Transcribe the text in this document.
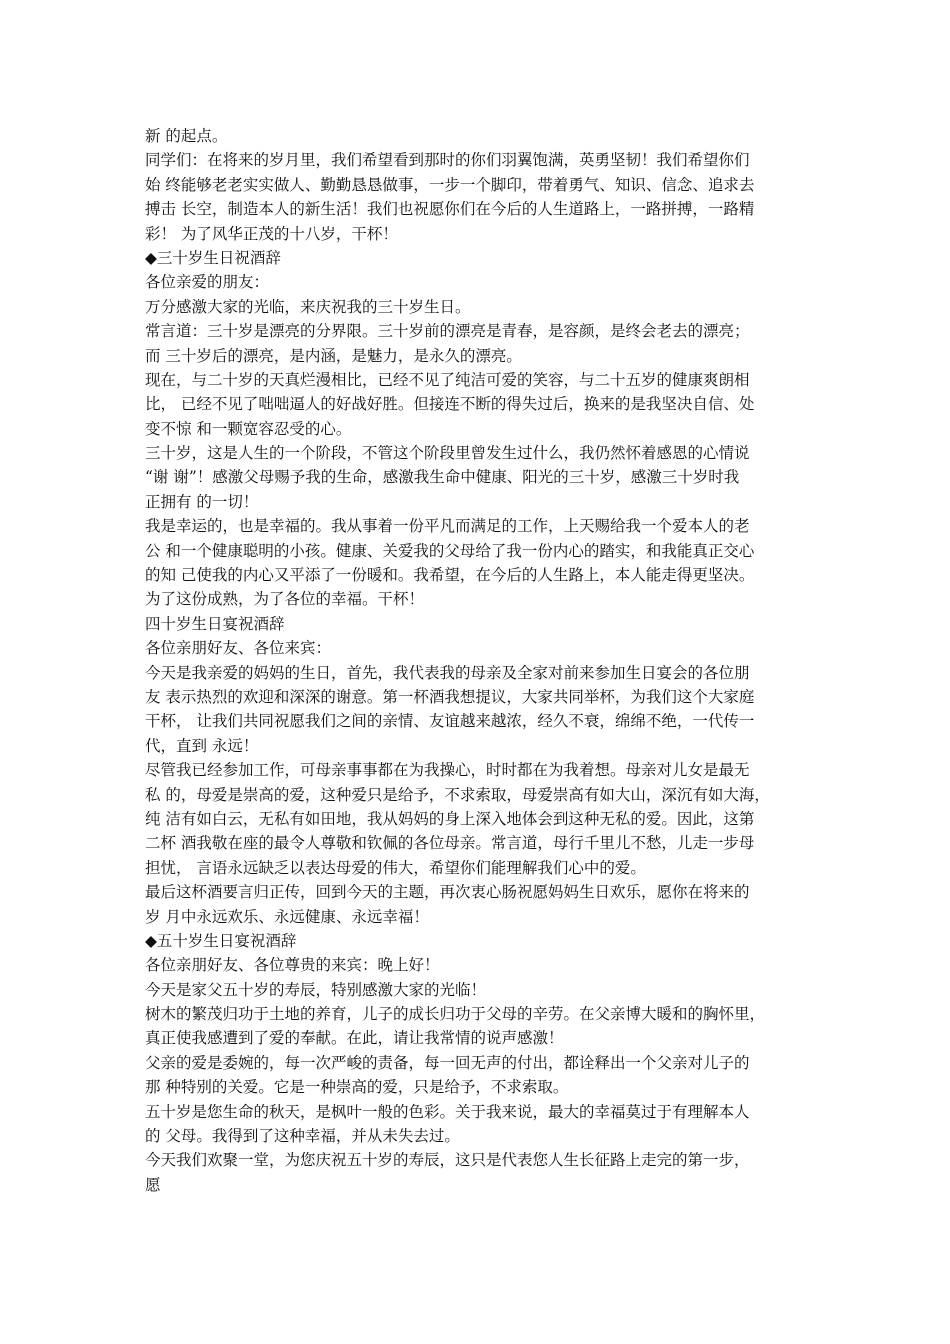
新 的起点。
同学们：在将来的岁月里，我们希望看到那时的你们羽翼饱满，英勇坚韧！我们希望你们
始 终能够老老实实做人、勤勤恳恳做事，一步一个脚印，带着勇气、知识、信念、追求去
搏击 长空，制造本人的新生活！我们也祝愿你们在今后的人生道路上，一路拼搏，一路精
彩！ 为了风华正茂的十八岁，干杯！
◆三十岁生日祝酒辞
各位亲爱的朋友：
万分感激大家的光临，来庆祝我的三十岁生日。
常言道：三十岁是漂亮的分界限。三十岁前的漂亮是青春，是容颜，是终会老去的漂亮；
而 三十岁后的漂亮，是内涵，是魅力，是永久的漂亮。
现在，与二十岁的天真烂漫相比，已经不见了纯洁可爱的笑容，与二十五岁的健康爽朗相
比， 已经不见了咄咄逼人的好战好胜。但接连不断的得失过后，换来的是我坚决自信、处
变不惊 和一颗宽容忍受的心。
三十岁，这是人生的一个阶段，不管这个阶段里曾发生过什么，我仍然怀着感恩的心情说
“谢 谢”！感激父母赐予我的生命，感激我生命中健康、阳光的三十岁，感激三十岁时我
正拥有 的一切！
我是幸运的，也是幸福的。我从事着一份平凡而满足的工作，上天赐给我一个爱本人的老
公 和一个健康聪明的小孩。健康、关爱我的父母给了我一份内心的踏实，和我能真正交心
的知 己使我的内心又平添了一份暖和。我希望，在今后的人生路上，本人能走得更坚决。
为了这份成熟，为了各位的幸福。干杯！
四十岁生日宴祝酒辞
各位亲朋好友、各位来宾：
今天是我亲爱的妈妈的生日，首先，我代表我的母亲及全家对前来参加生日宴会的各位朋
友 表示热烈的欢迎和深深的谢意。第一杯酒我想提议，大家共同举杯，为我们这个大家庭
干杯， 让我们共同祝愿我们之间的亲情、友谊越来越浓，经久不衰，绵绵不绝，一代传一
代，直到 永远！
尽管我已经参加工作，可母亲事事都在为我操心，时时都在为我着想。母亲对儿女是最无
私 的，母爱是崇高的爱，这种爱只是给予，不求索取，母爱崇高有如大山，深沉有如大海，
纯 洁有如白云，无私有如田地，我从妈妈的身上深入地体会到这种无私的爱。因此，这第
二杯 酒我敬在座的最令人尊敬和钦佩的各位母亲。常言道，母行千里儿不愁，儿走一步母
担忧， 言语永远缺乏以表达母爱的伟大，希望你们能理解我们心中的爱。
最后这杯酒要言归正传，回到今天的主题，再次衷心肠祝愿妈妈生日欢乐，愿你在将来的
岁 月中永远欢乐、永远健康、永远幸福！
◆五十岁生日宴祝酒辞
各位亲朋好友、各位尊贵的来宾：晚上好！
今天是家父五十岁的寿辰，特别感激大家的光临！
树木的繁茂归功于土地的养育，儿子的成长归功于父母的辛劳。在父亲博大暖和的胸怀里，
真正使我感遭到了爱的奉献。在此，请让我常情的说声感激！
父亲的爱是委婉的，每一次严峻的责备，每一回无声的付出，都诠释出一个父亲对儿子的
那 种特别的关爱。它是一种崇高的爱，只是给予，不求索取。
五十岁是您生命的秋天，是枫叶一般的色彩。关于我来说，最大的幸福莫过于有理解本人
的 父母。我得到了这种幸福，并从未失去过。
今天我们欢聚一堂，为您庆祝五十岁的寿辰，这只是代表您人生长征路上走完的第一步，
愿
